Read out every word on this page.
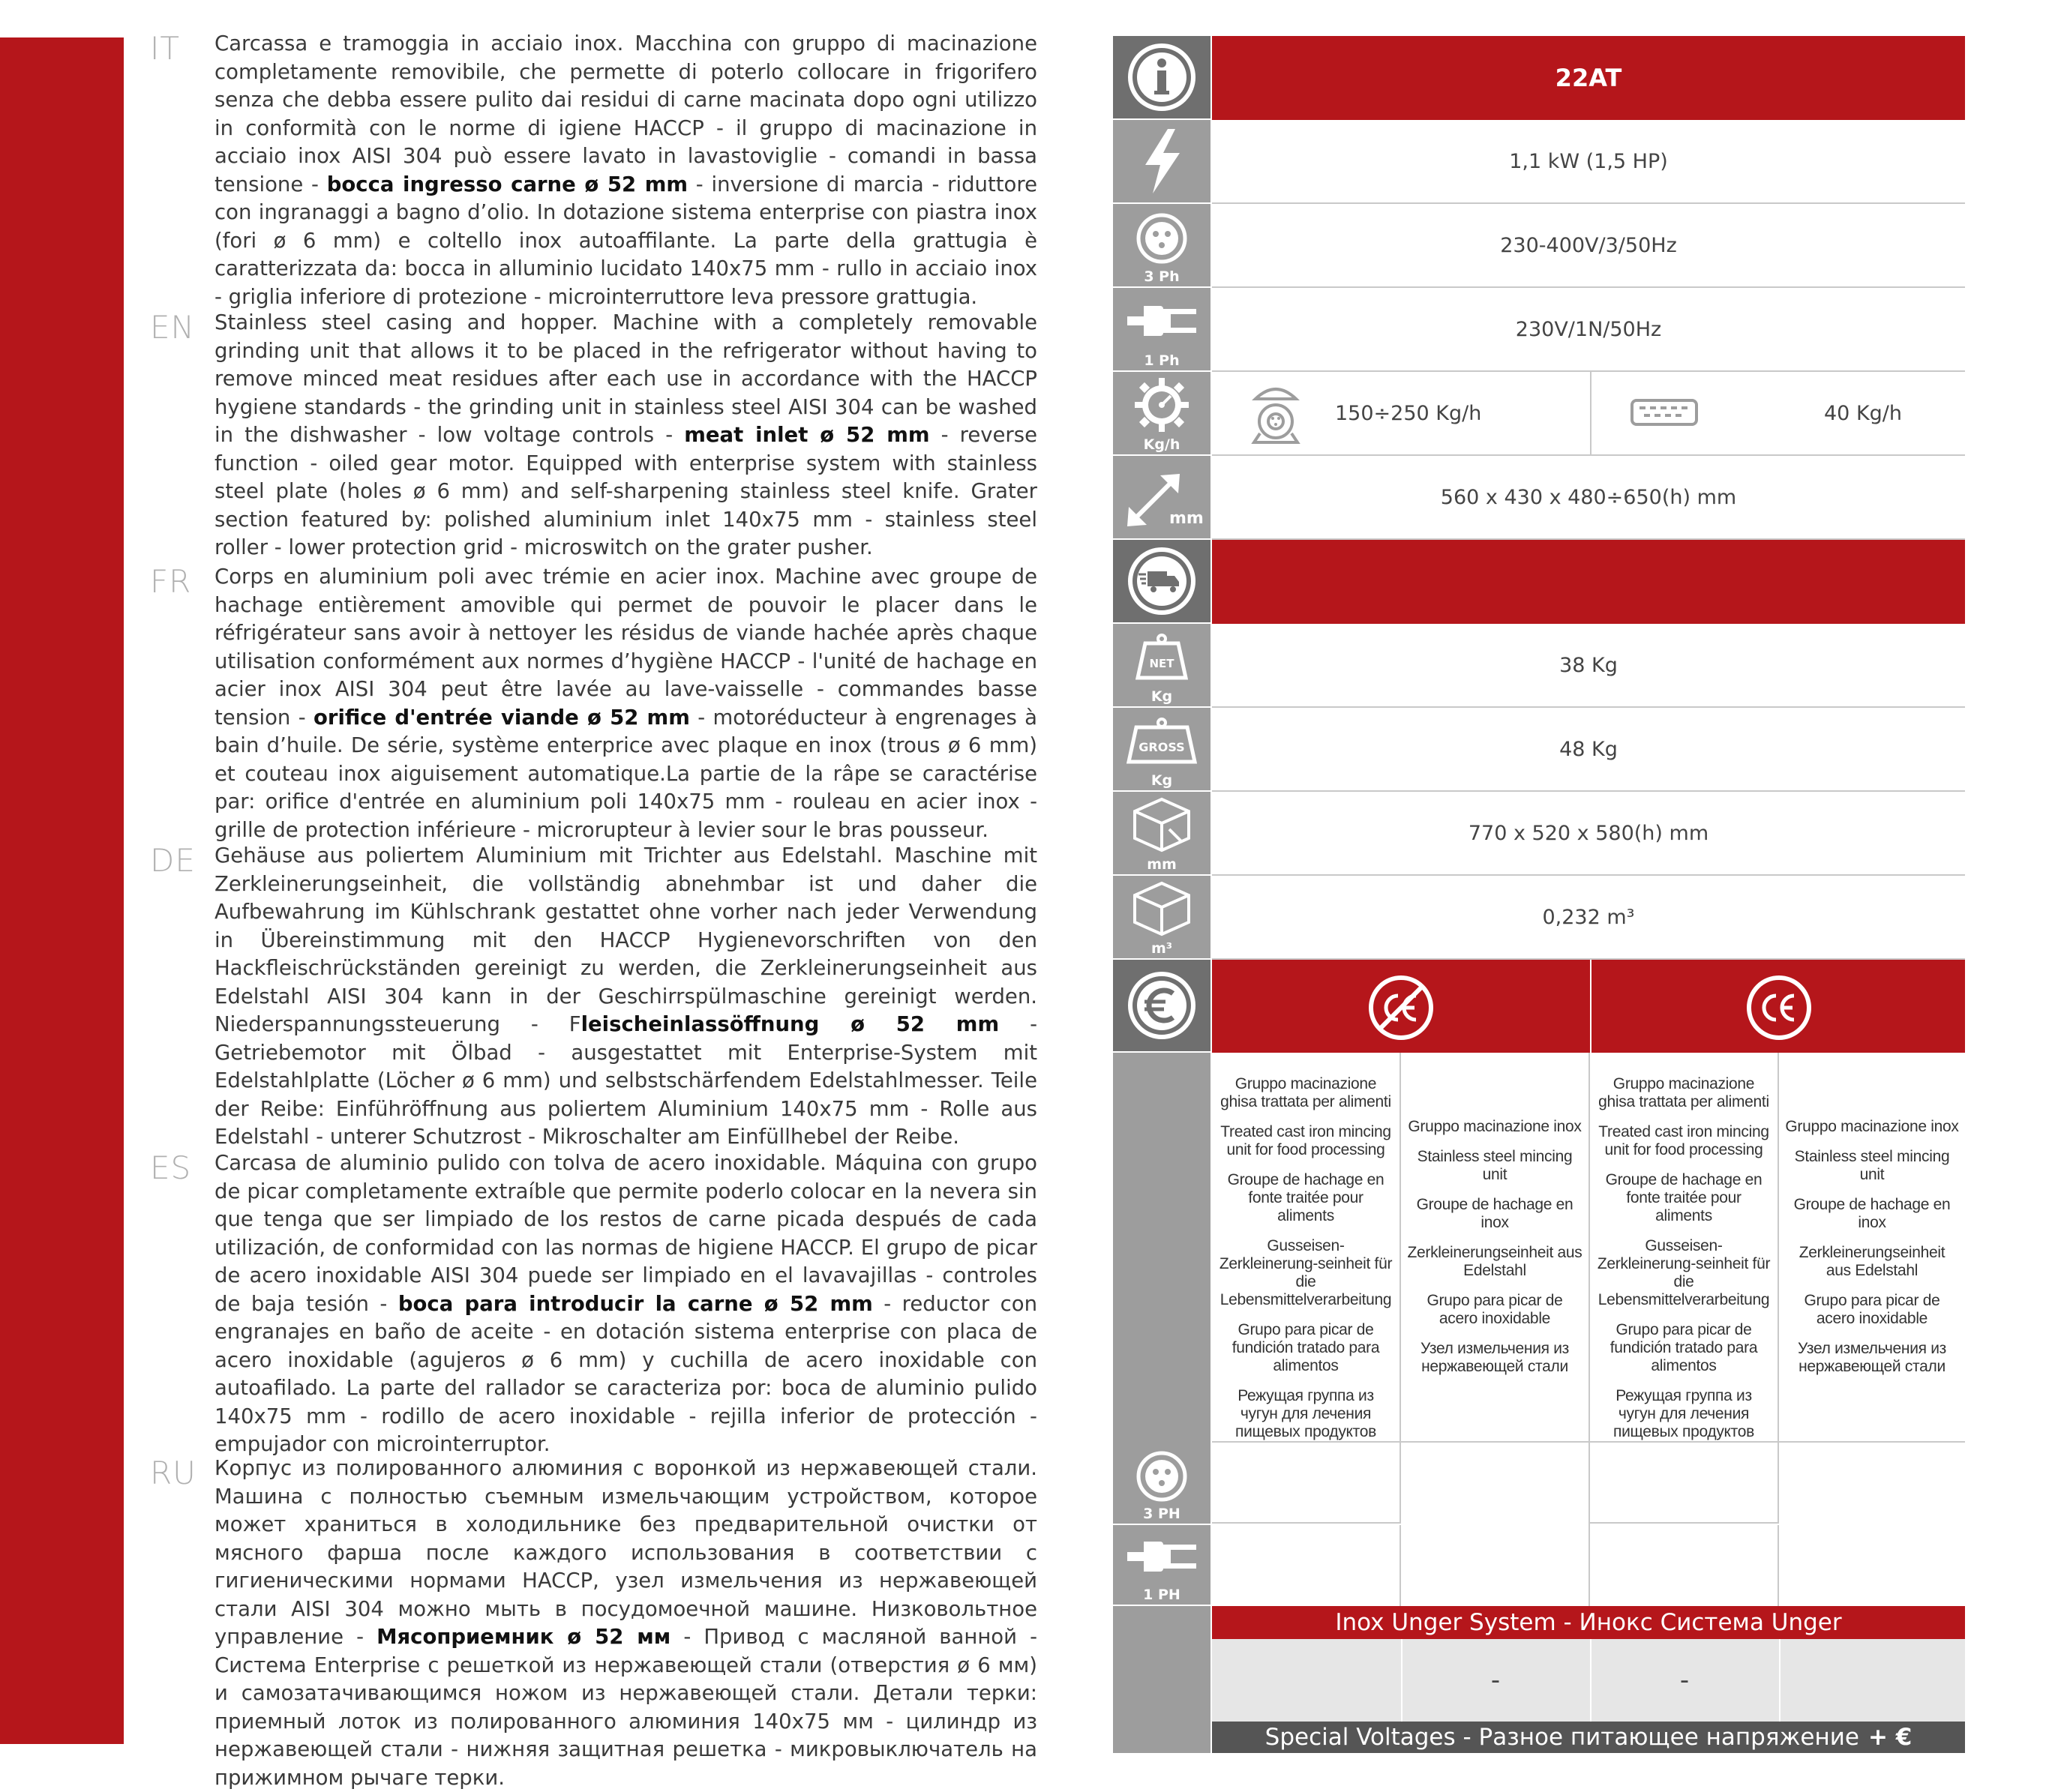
IT Carcassa e tramoggia in acciaio inox. Macchina con gruppo di macinazione completamente removibile, che permette di poterlo collocare in frigorifero senza che debba essere pulito dai residui di carne macinata dopo ogni utilizzo in conformità con le norme di igiene HACCP - il gruppo di macinazione in acciaio inox AISI 304 può essere lavato in lavastoviglie - comandi in bassa tensione - bocca ingresso carne ø 52 mm - inversione di marcia - riduttore con ingranaggi a bagno d’olio. In dotazione sistema enterprise con piastra inox (fori ø 6 mm) e coltello inox autoaffilante. La parte della grattugia è caratterizzata da: bocca in alluminio lucidato 140x75 mm - rullo in acciaio inox - griglia inferiore di protezione - microinterruttore leva pressore grattugia.
EN Stainless steel casing and hopper. Machine with a completely removable grinding unit that allows it to be placed in the refrigerator without having to remove minced meat residues after each use in accordance with the HACCP hygiene standards - the grinding unit in stainless steel AISI 304 can be washed in the dishwasher - low voltage controls - meat inlet ø 52 mm - reverse function - oiled gear motor. Equipped with enterprise system with stainless steel plate (holes ø 6 mm) and self-sharpening stainless steel knife. Grater section featured by: polished aluminium inlet 140x75 mm - stainless steel roller - lower protection grid - microswitch on the grater pusher.
FR Corps en aluminium poli avec trémie en acier inox. Machine avec groupe de hachage entièrement amovible qui permet de pouvoir le placer dans le réfrigérateur sans avoir à nettoyer les résidus de viande hachée après chaque utilisation conformément aux normes d’hygiène HACCP - l'unité de hachage en acier inox AISI 304 peut être lavée au lave-vaisselle - commandes basse tension - orifice d'entrée viande ø 52 mm - motoréducteur à engrenages à bain d’huile. De série, système enterprice avec plaque en inox (trous ø 6 mm) et couteau inox aiguisement automatique.La partie de la râpe se caractérise par: orifice d'entrée en aluminium poli 140x75 mm - rouleau en acier inox - grille de protection inférieure - microrupteur à levier sour le bras pousseur.
DE Gehäuse aus poliertem Aluminium mit Trichter aus Edelstahl. Maschine mit Zerkleinerungseinheit, die vollständig abnehmbar ist und daher die Aufbewahrung im Kühlschrank gestattet ohne vorher nach jeder Verwendung in Übereinstimmung mit den HACCP Hygienevorschriften von den Hackfleischrückständen gereinigt zu werden, die Zerkleinerungseinheit aus Edelstahl AISI 304 kann in der Geschirrspülmaschine gereinigt werden. Niederspannungssteuerung - Fleischeinlassöffnung ø 52 mm - Getriebemotor mit Ölbad - ausgestattet mit Enterprise-System mit Edelstahlplatte (Löcher ø 6 mm) und selbstschärfendem Edelstahlmesser. Teile der Reibe: Einführöffnung aus poliertem Aluminium 140x75 mm - Rolle aus Edelstahl - unterer Schutzrost - Mikroschalter am Einfüllhebel der Reibe.
ES Carcasa de aluminio pulido con tolva de acero inoxidable. Máquina con grupo de picar completamente extraíble que permite poderlo colocar en la nevera sin que tenga que ser limpiado de los restos de carne picada después de cada utilización, de conformidad con las normas de higiene HACCP. El grupo de picar de acero inoxidable AISI 304 puede ser limpiado en el lavavajillas - controles de baja tesión - boca para introducir la carne ø 52 mm - reductor con engranajes en baño de aceite - en dotación sistema enterprise con placa de acero inoxidable (agujeros ø 6 mm) y cuchilla de acero inoxidable con autoafilado. La parte del rallador se caracteriza por: boca de aluminio pulido 140x75 mm - rodillo de acero inoxidable - rejilla inferior de protección - empujador con microinterruptor.
RU Корпус из полированного алюминия с воронкой из нержавеющей стали. Машина с полностью съемным измельчающим устройством, которое может храниться в холодильнике без предварительной очистки от мясного фарша после каждого использования в соответствии с гигиеническими нормами HACCP, узел измельчения из нержавеющей стали AISI 304 можно мыть в посудомоечной машине. Низковольтное управление - Мясоприемник ø 52 мм - Привод с масляной ванной - Система Enterprise с решеткой из нержавеющей стали (отверстия ø 6 мм) и самозатачивающимся ножом из нержавеющей стали. Детали терки: приемный лоток из полированного алюминия 140x75 мм - цилиндр из нержавеющей стали - нижняя защитная решетка - микровыключатель на прижимном рычаге терки.
22AT
1,1 kW (1,5 HP)
3 Ph
230-400V/3/50Hz
1 Ph
230V/1N/50Hz
Kg/h
150÷250 Kg/h	40 Kg/h
mm
560 x 430 x 480÷650(h) mm
NET
Kg
38 Kg
GROSS
Kg
48 Kg
mm
770 x 520 x 580(h) mm
m³
0,232 m³
Gruppo macinazione ghisa trattata per alimenti
Treated cast iron mincing unit for food processing
Groupe de hachage en fonte traitée pour aliments
Gusseisen-Zerkleinerung-seinheit für die Lebensmittelverarbeitung
Grupo para picar de fundición tratado para alimentos
Режущая группа из чугун для лечения пищевых продуктов
Gruppo macinazione inox
Stainless steel mincing unit
Groupe de hachage en inox
Zerkleinerungseinheit aus Edelstahl
Grupo para picar de acero inoxidable
Узел измельчения из нержавеющей стали
Gruppo macinazione ghisa trattata per alimenti
Treated cast iron mincing unit for food processing
Groupe de hachage en fonte traitée pour aliments
Gusseisen-Zerkleinerung-seinheit für die Lebensmittelverarbeitung
Grupo para picar de fundición tratado para alimentos
Режущая группа из чугун для лечения пищевых продуктов
Gruppo macinazione inox
Stainless steel mincing unit
Groupe de hachage en inox
Zerkleinerungseinheit aus Edelstahl
Grupo para picar de acero inoxidable
Узел измельчения из нержавеющей стали
3 PH
1 PH
Inox Unger System - Инокс Система Unger
-	-
Special Voltages - Разное питающее напряжение + €
